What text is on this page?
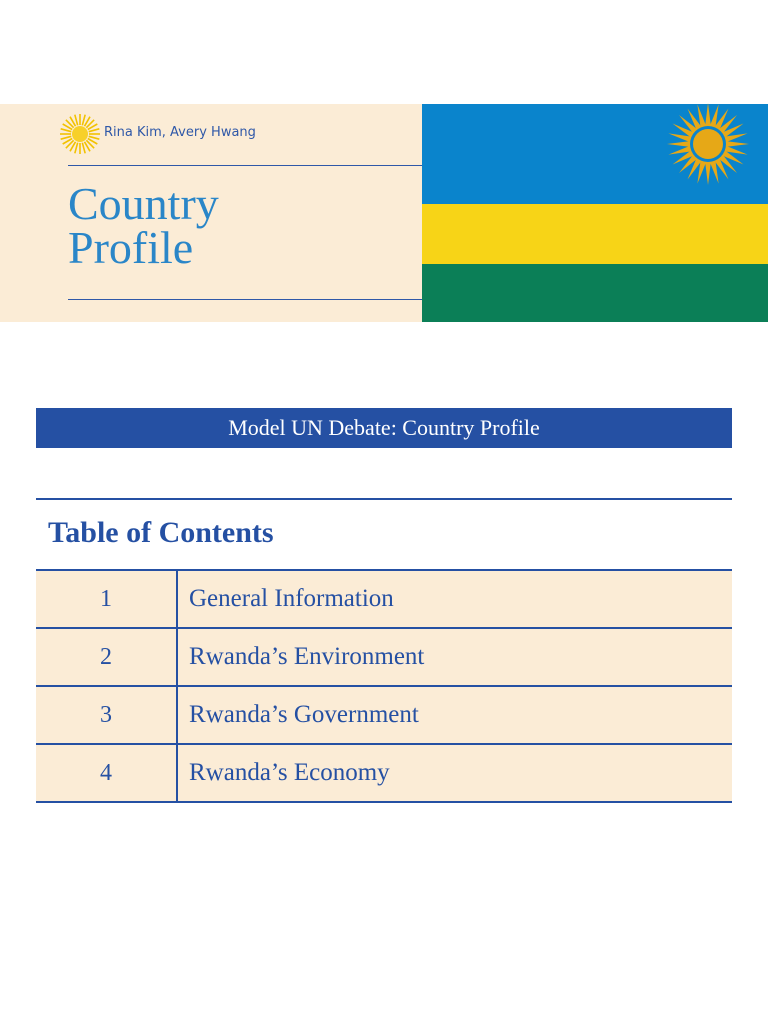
Rina Kim, Avery Hwang
Country
Profile
Model UN Debate: Country Profile
Table of Contents
1	General Information
2	Rwanda’s Environment
3	Rwanda’s Government
4	Rwanda’s Economy
